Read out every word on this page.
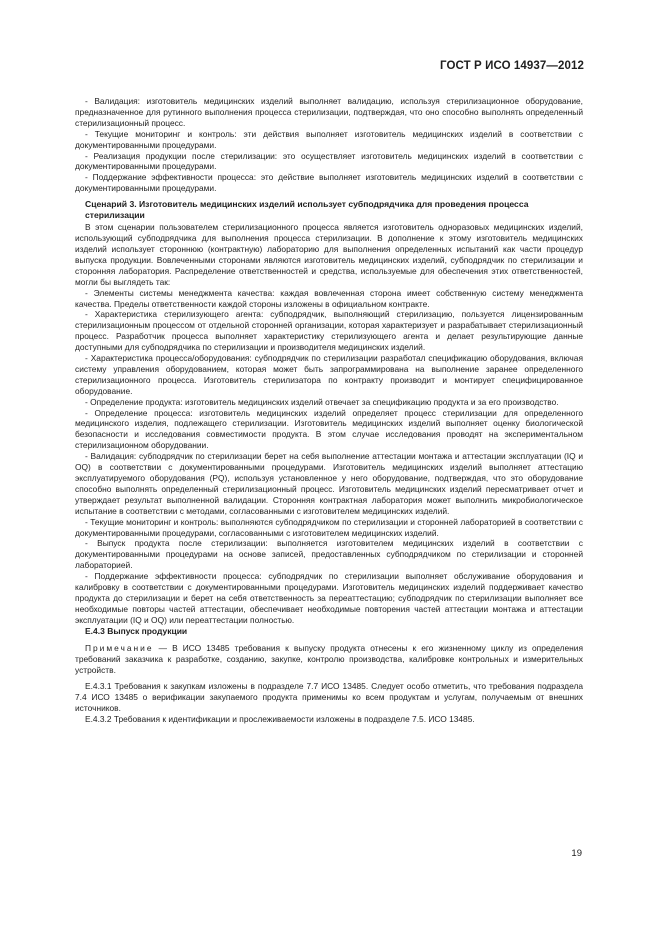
ГОСТ Р ИСО 14937—2012

- Валидация: изготовитель медицинских изделий выполняет валидацию, используя стерилизационное оборудование, предназначенное для рутинного выполнения процесса стерилизации, подтверждая, что оно способно выполнять определенный стерилизационный процесс.

- Текущие мониторинг и контроль: эти действия выполняет изготовитель медицинских изделий в соответствии с документированными процедурами.

- Реализация продукции после стерилизации: это осуществляет изготовитель медицинских изделий в соответствии с документированными процедурами.

- Поддержание эффективности процесса: это действие выполняет изготовитель медицинских изделий в соответствии с документированными процедурами.

Сценарий 3. Изготовитель медицинских изделий использует субподрядчика для проведения процесса стерилизации

В этом сценарии пользователем стерилизационного процесса является изготовитель одноразовых медицинских изделий, использующий субподрядчика для выполнения процесса стерилизации. В дополнение к этому изготовитель медицинских изделий использует стороннюю (контрактную) лабораторию для выполнения определенных испытаний как части процедур выпуска продукции. Вовлеченными сторонами являются изготовитель медицинских изделий, субподрядчик по стерилизации и сторонняя лаборатория. Распределение ответственностей и средства, используемые для обеспечения этих ответственностей, могли бы выглядеть так:

- Элементы системы менеджмента качества: каждая вовлеченная сторона имеет собственную систему менеджмента качества. Пределы ответственности каждой стороны изложены в официальном контракте.

- Характеристика стерилизующего агента: субподрядчик, выполняющий стерилизацию, пользуется лицензированным стерилизационным процессом от отдельной сторонней организации, которая характеризует и разрабатывает стерилизационный процесс. Разработчик процесса выполняет характеристику стерилизующего агента и делает результирующие данные доступными для субподрядчика по стерилизации и производителя медицинских изделий.

- Характеристика процесса/оборудования: субподрядчик по стерилизации разработал спецификацию оборудования, включая систему управления оборудованием, которая может быть запрограммирована на выполнение заранее определенного стерилизационного процесса. Изготовитель стерилизатора по контракту производит и монтирует специфицированное оборудование.

- Определение продукта: изготовитель медицинских изделий отвечает за спецификацию продукта и за его производство.

- Определение процесса: изготовитель медицинских изделий определяет процесс стерилизации для определенного медицинского изделия, подлежащего стерилизации. Изготовитель медицинских изделий выполняет оценку биологической безопасности и исследования совместимости продукта. В этом случае исследования проводят на экспериментальном стерилизационном оборудовании.

- Валидация: субподрядчик по стерилизации берет на себя выполнение аттестации монтажа и аттестации эксплуатации (IQ и OQ) в соответствии с документированными процедурами. Изготовитель медицинских изделий выполняет аттестацию эксплуатируемого оборудования (PQ), используя установленное у него оборудование, подтверждая, что это оборудование способно выполнять определенный стерилизационный процесс. Изготовитель медицинских изделий пересматривает отчет и утверждает результат выполненной валидации. Сторонняя контрактная лаборатория может выполнить микробиологическое испытание в соответствии с методами, согласованными с изготовителем медицинских изделий.

- Текущие мониторинг и контроль: выполняются субподрядчиком по стерилизации и сторонней лабораторией в соответствии с документированными процедурами, согласованными с изготовителем медицинских изделий.

- Выпуск продукта после стерилизации: выполняется изготовителем медицинских изделий в соответствии с документированными процедурами на основе записей, предоставленных субподрядчиком по стерилизации и сторонней лабораторией.

- Поддержание эффективности процесса: субподрядчик по стерилизации выполняет обслуживание оборудования и калибровку в соответствии с документированными процедурами. Изготовитель медицинских изделий поддерживает качество продукта до стерилизации и берет на себя ответственность за переаттестацию; субподрядчик по стерилизации выполняет все необходимые повторы частей аттестации, обеспечивает необходимые повторения частей аттестации монтажа и аттестации эксплуатации (IQ и OQ) или переаттестации полностью.

Е.4.3 Выпуск продукции

Примечание — В ИСО 13485 требования к выпуску продукта отнесены к его жизненному циклу из определения требований заказчика к разработке, созданию, закупке, контролю производства, калибровке контрольных и измерительных устройств.

Е.4.3.1 Требования к закупкам изложены в подразделе 7.7 ИСО 13485. Следует особо отметить, что требования подраздела 7.4 ИСО 13485 о верификации закупаемого продукта применимы ко всем продуктам и услугам, получаемым от внешних источников.

Е.4.3.2 Требования к идентификации и прослеживаемости изложены в подразделе 7.5. ИСО 13485.

19
